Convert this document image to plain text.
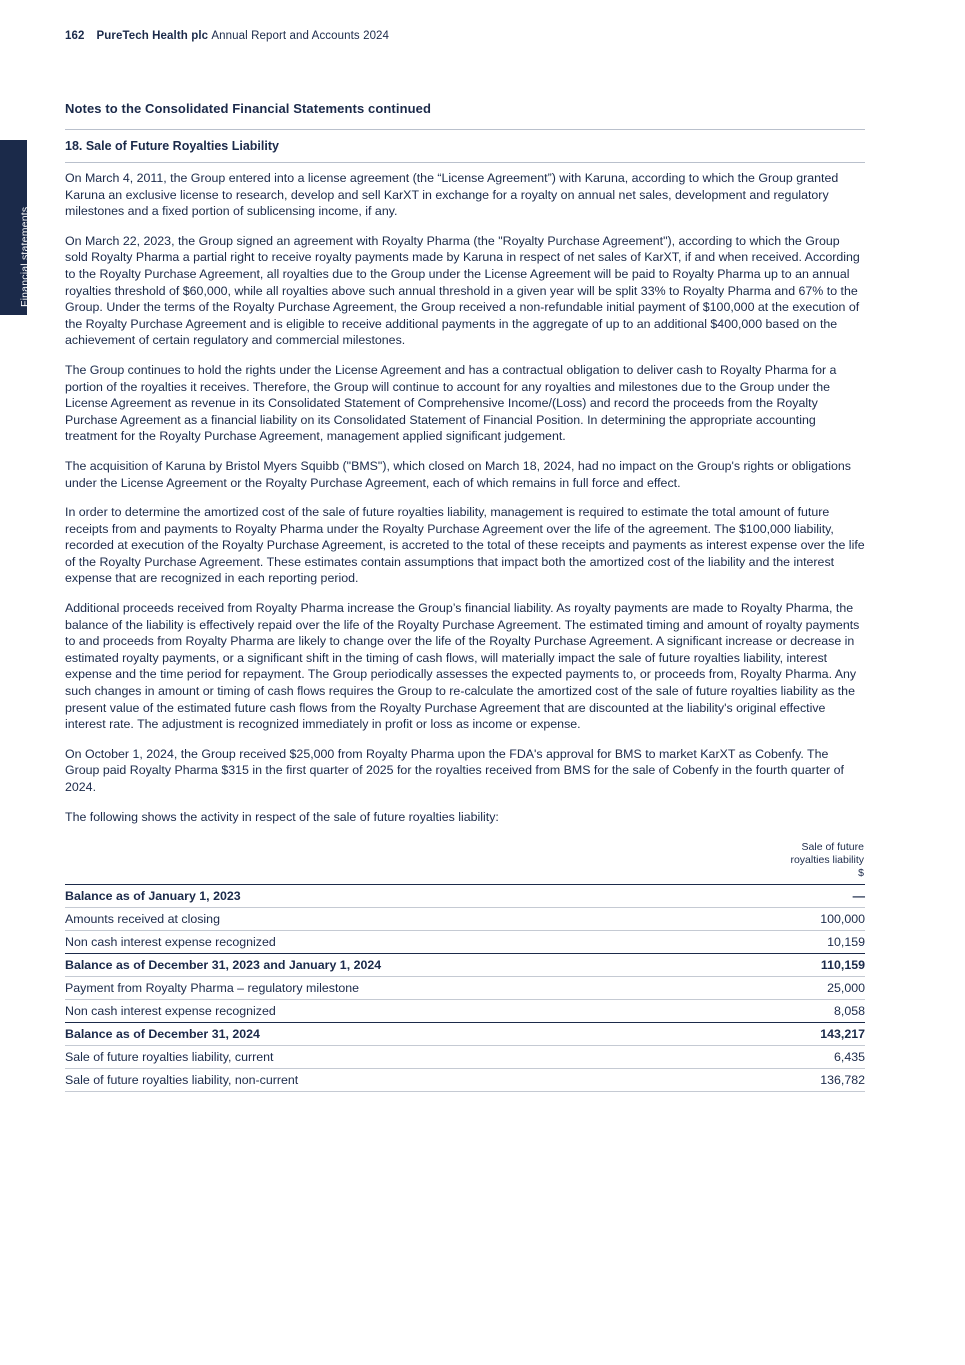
162 PureTech Health plc Annual Report and Accounts 2024
Financial statements
Notes to the Consolidated Financial Statements continued
18. Sale of Future Royalties Liability

On March 4, 2011, the Group entered into a license agreement (the “License Agreement”) with Karuna, according to which the Group granted Karuna an exclusive license to research, develop and sell KarXT in exchange for a royalty on annual net sales, development and regulatory milestones and a fixed portion of sublicensing income, if any.

On March 22, 2023, the Group signed an agreement with Royalty Pharma (the "Royalty Purchase Agreement"), according to which the Group sold Royalty Pharma a partial right to receive royalty payments made by Karuna in respect of net sales of KarXT, if and when received. According to the Royalty Purchase Agreement, all royalties due to the Group under the License Agreement will be paid to Royalty Pharma up to an annual royalties threshold of $60,000, while all royalties above such annual threshold in a given year will be split 33% to Royalty Pharma and 67% to the Group. Under the terms of the Royalty Purchase Agreement, the Group received a non-refundable initial payment of $100,000 at the execution of the Royalty Purchase Agreement and is eligible to receive additional payments in the aggregate of up to an additional $400,000 based on the achievement of certain regulatory and commercial milestones.

The Group continues to hold the rights under the License Agreement and has a contractual obligation to deliver cash to Royalty Pharma for a portion of the royalties it receives. Therefore, the Group will continue to account for any royalties and milestones due to the Group under the License Agreement as revenue in its Consolidated Statement of Comprehensive Income/(Loss) and record the proceeds from the Royalty Purchase Agreement as a financial liability on its Consolidated Statement of Financial Position. In determining the appropriate accounting treatment for the Royalty Purchase Agreement, management applied significant judgement.

The acquisition of Karuna by Bristol Myers Squibb ("BMS"), which closed on March 18, 2024, had no impact on the Group's rights or obligations under the License Agreement or the Royalty Purchase Agreement, each of which remains in full force and effect.

In order to determine the amortized cost of the sale of future royalties liability, management is required to estimate the total amount of future receipts from and payments to Royalty Pharma under the Royalty Purchase Agreement over the life of the agreement. The $100,000 liability, recorded at execution of the Royalty Purchase Agreement, is accreted to the total of these receipts and payments as interest expense over the life of the Royalty Purchase Agreement. These estimates contain assumptions that impact both the amortized cost of the liability and the interest expense that are recognized in each reporting period.

Additional proceeds received from Royalty Pharma increase the Group’s financial liability. As royalty payments are made to Royalty Pharma, the balance of the liability is effectively repaid over the life of the Royalty Purchase Agreement. The estimated timing and amount of royalty payments to and proceeds from Royalty Pharma are likely to change over the life of the Royalty Purchase Agreement. A significant increase or decrease in estimated royalty payments, or a significant shift in the timing of cash flows, will materially impact the sale of future royalties liability, interest expense and the time period for repayment. The Group periodically assesses the expected payments to, or proceeds from, Royalty Pharma. Any such changes in amount or timing of cash flows requires the Group to re-calculate the amortized cost of the sale of future royalties liability as the present value of the estimated future cash flows from the Royalty Purchase Agreement that are discounted at the liability's original effective interest rate. The adjustment is recognized immediately in profit or loss as income or expense.

On October 1, 2024, the Group received $25,000 from Royalty Pharma upon the FDA's approval for BMS to market KarXT as Cobenfy. The Group paid Royalty Pharma $315 in the first quarter of 2025 for the royalties received from BMS for the sale of Cobenfy in the fourth quarter of 2024.

The following shows the activity in respect of the sale of future royalties liability:

	Sale of future
royalties liability
$

Balance as of January 1, 2023	—
Amounts received at closing	100,000
Non cash interest expense recognized	10,159
Balance as of December 31, 2023 and January 1, 2024	110,159
Payment from Royalty Pharma – regulatory milestone	25,000
Non cash interest expense recognized	8,058
Balance as of December 31, 2024	143,217
Sale of future royalties liability, current	6,435
Sale of future royalties liability, non-current	136,782
